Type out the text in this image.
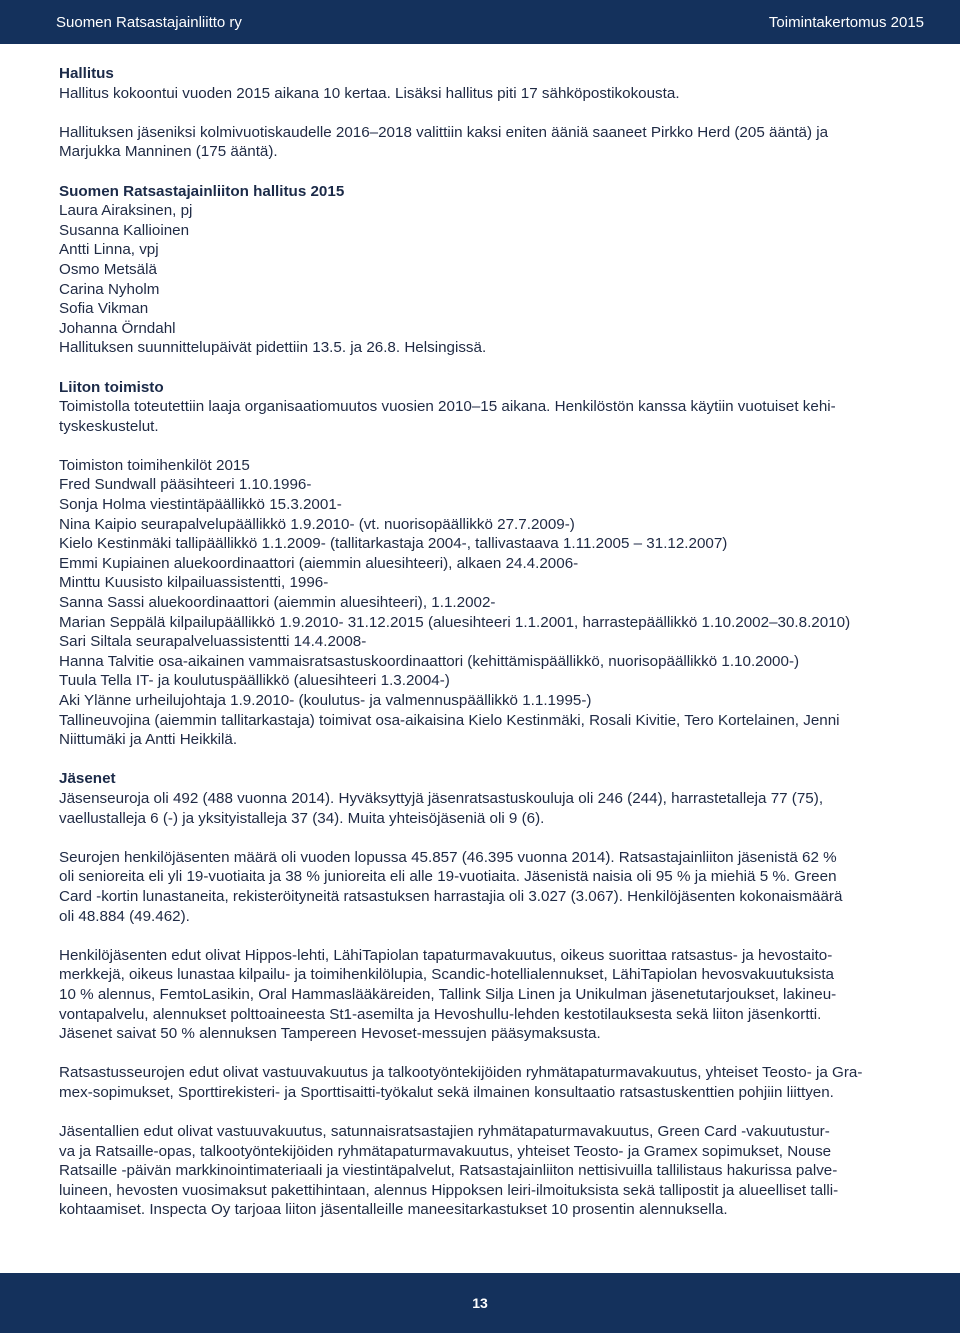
Suomen Ratsastajainliitto ry	Toimintakertomus 2015

Hallitus

Hallitus kokoontui vuoden 2015 aikana 10 kertaa. Lisäksi hallitus piti 17 sähköpostikokousta.

Hallituksen jäseniksi kolmivuotiskaudelle 2016–2018 valittiin kaksi eniten ääniä saaneet Pirkko Herd (205 ääntä) ja

Marjukka Manninen (175 ääntä).

Suomen Ratsastajainliiton hallitus 2015

Laura Airaksinen, pj

Susanna Kallioinen

Antti Linna, vpj

Osmo Metsälä

Carina Nyholm

Sofia Vikman

Johanna Örndahl

Hallituksen suunnittelupäivät pidettiin 13.5. ja 26.8. Helsingissä.

Liiton toimisto

Toimistolla toteutettiin laaja organisaatiomuutos vuosien 2010–15 aikana. Henkilöstön kanssa käytiin vuotuiset kehi-

tyskeskustelut.

Toimiston toimihenkilöt 2015

Fred Sundwall pääsihteeri 1.10.1996-

Sonja Holma viestintäpäällikkö 15.3.2001-

Nina Kaipio seurapalvelupäällikkö 1.9.2010- (vt. nuorisopäällikkö 27.7.2009-)

Kielo Kestinmäki tallipäällikkö 1.1.2009- (tallitarkastaja 2004-, tallivastaava 1.11.2005 – 31.12.2007)

Emmi Kupiainen aluekoordinaattori (aiemmin aluesihteeri), alkaen 24.4.2006-

Minttu Kuusisto kilpailuassistentti, 1996-

Sanna Sassi aluekoordinaattori (aiemmin aluesihteeri), 1.1.2002-

Marian Seppälä kilpailupäällikkö 1.9.2010- 31.12.2015 (aluesihteeri 1.1.2001, harrastepäällikkö 1.10.2002–30.8.2010)

Sari Siltala seurapalveluassistentti 14.4.2008-

Hanna Talvitie osa-aikainen vammaisratsastuskoordinaattori (kehittämispäällikkö, nuorisopäällikkö 1.10.2000-)

Tuula Tella IT- ja koulutuspäällikkö (aluesihteeri 1.3.2004-)

Aki Ylänne urheilujohtaja 1.9.2010- (koulutus- ja valmennuspäällikkö 1.1.1995-)

Tallineuvojina (aiemmin tallitarkastaja) toimivat osa-aikaisina Kielo Kestinmäki, Rosali Kivitie, Tero Kortelainen, Jenni

Niittumäki ja Antti Heikkilä.

Jäsenet

Jäsenseuroja oli 492 (488 vuonna 2014). Hyväksyttyjä jäsenratsastuskouluja oli 246 (244), harrastetalleja 77 (75),

vaellustalleja 6 (-) ja yksityistalleja 37 (34). Muita yhteisöjäseniä oli 9 (6).

Seurojen henkilöjäsenten määrä oli vuoden lopussa 45.857 (46.395 vuonna 2014). Ratsastajainliiton jäsenistä 62 %

oli senioreita eli yli 19-vuotiaita ja 38 % junioreita eli alle 19-vuotiaita. Jäsenistä naisia oli 95 % ja miehiä 5 %. Green

Card -kortin lunastaneita, rekisteröityneitä ratsastuksen harrastajia oli 3.027 (3.067). Henkilöjäsenten kokonaismäärä

oli 48.884 (49.462).

Henkilöjäsenten edut olivat Hippos-lehti, LähiTapiolan tapaturmavakuutus, oikeus suorittaa ratsastus- ja hevostaito-

merkkejä, oikeus lunastaa kilpailu- ja toimihenkilölupia, Scandic-hotellialennukset, LähiTapiolan hevosvakuutuksista

10 % alennus, FemtoLasikin, Oral Hammaslääkäreiden, Tallink Silja Linen ja Unikulman jäsenetutarjoukset, lakineu-

vontapalvelu, alennukset polttoaineesta St1-asemilta ja Hevoshullu-lehden kestotilauksesta sekä liiton jäsenkortti.

Jäsenet saivat 50 % alennuksen Tampereen Hevoset-messujen pääsymaksusta.

Ratsastusseurojen edut olivat vastuuvakuutus ja talkootyöntekijöiden ryhmätapaturmavakuutus, yhteiset Teosto- ja Gra-

mex-sopimukset, Sporttirekisteri- ja Sporttisaitti-työkalut sekä ilmainen konsultaatio ratsastuskenttien pohjiin liittyen.

Jäsentallien edut olivat vastuuvakuutus, satunnaisratsastajien ryhmätapaturmavakuutus, Green Card -vakuutustur-

va ja Ratsaille-opas, talkootyöntekijöiden ryhmätapaturmavakuutus, yhteiset Teosto- ja Gramex sopimukset, Nouse

Ratsaille -päivän markkinointimateriaali ja viestintäpalvelut, Ratsastajainliiton nettisivuilla tallilistaus hakurissa palve-

luineen, hevosten vuosimaksut pakettihintaan, alennus Hippoksen leiri-ilmoituksista sekä tallipostit ja alueelliset talli-

kohtaamiset. Inspecta Oy tarjoaa liiton jäsentalleille maneesitarkastukset 10 prosentin alennuksella.

13
